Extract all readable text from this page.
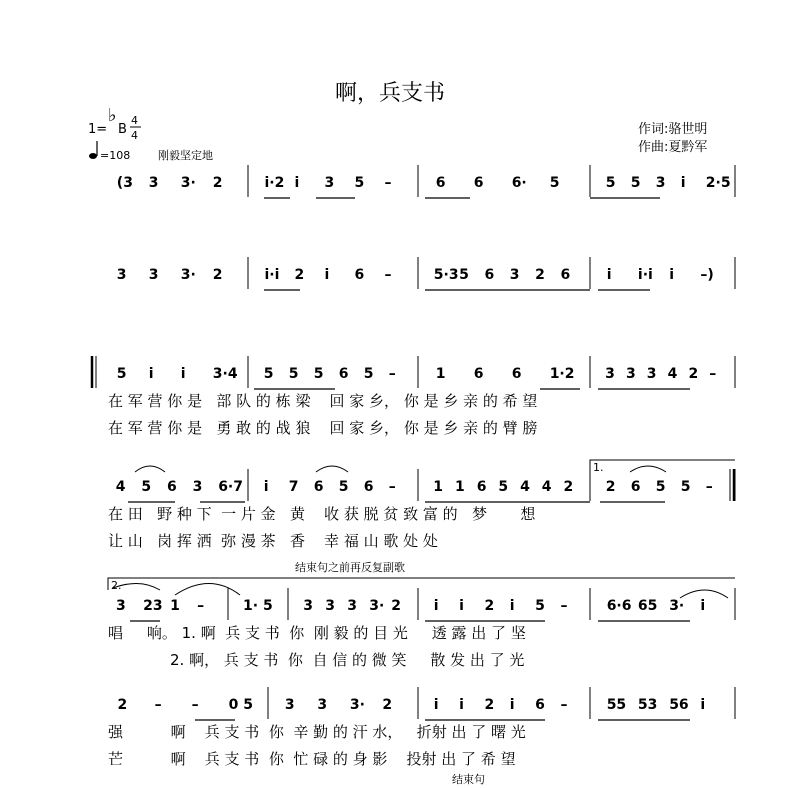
啊，兵支书
1=
♭
B
4
4
=108	刚毅坚定地
作词:骆世明
作曲:夏黔军
(3 3 3· 2	i·2 i 3 5 –	6 6 6· 5	5 5 3 i 2·5
3 3 3· 2	i·i 2 i 6 –	5·3 5 6 3 2 6	i i·i i –)
5 i i 3·4 5 5 5 6 5 –	1 6 6 1·2 3 3 3 4 2 –
在 军 营 你 是   部 队 的 栋 梁    回 家 乡， 你 是 乡 亲 的 希 望
在 军 营 你 是   勇 敢 的 战 狼    回 家 乡， 你 是 乡 亲 的 臂 膀
4 5 6 3 6·7 i 7 6 5 6 –	1 1 6 5 4 4 2 2 6 5 5 –
在 田   野 种 下  一 片 金   黄    收 获 脱 贫 致 富 的   梦       想
让 山   岗 挥 洒  弥 漫 茶   香    幸 福 山 歌 处 处
1.
3 23 1 –	1· 5 3 3 3 3· 2 i i 2 i 5 –	6·6 65 3· i
唱     响。 1. 啊  兵 支 书  你  刚 毅 的 目 光     透 露 出 了 坚
2. 啊， 兵 支 书  你  自 信 的 微 笑     散 发 出 了 光
2.
结束句之前再反复副歌
2 – – 0 5 3 3 3· 2	i i 2 i 6 –	55 53 56 i
强          啊    兵 支 书  你  辛 勤 的 汗 水，   折射 出 了 曙 光
芒          啊    兵 支 书  你  忙 碌 的 身 影    投射 出 了 希 望
结束句
